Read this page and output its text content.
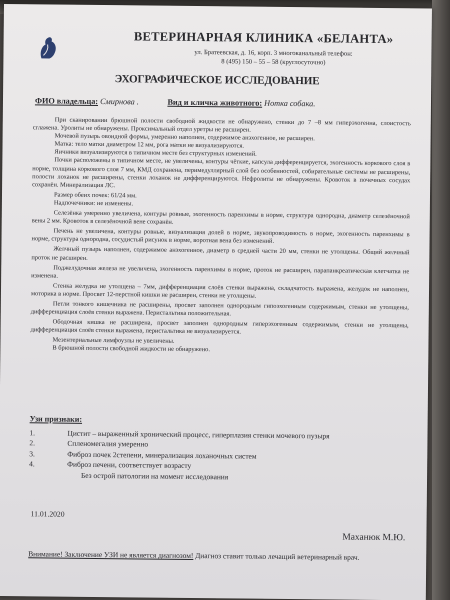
ВЕТЕРИНАРНАЯ КЛИНИКА «БЕЛАНТА»
ул. Братеевская, д. 16, корп. 3 многоканальный телефон:
8 (495) 150 – 55 – 58 (круглосуточно)
ЭХОГРАФИЧЕСКОЕ ИССЛЕДОВАНИЕ
ФИО владельца: Смирнова .	Вид и кличка животного: Нотка собака.

При сканировании брюшной полости свободной жидкости не обнаружено, стенки до 7 –8 мм гиперэхогенна, слоистость сглажена. Уролиты не обнаружены. Проксимальный отдел уретры не расширен.

Мочевой пузырь овоидной формы, умеренно наполнен, содержимое анэхогенное, не расширен.

Матка: тело матки диаметром 12 мм, рога матки не визуализируются.

Яичники визуализируются в типичном месте без структурных изменений.

Почки расположены в типичном месте, не увеличены, контуры чёткие, капсула дифференцируется, эхогенность коркового слоя в норме, толщина коркового слоя 7 мм, КМД сохранена, перимедуллярный слой без особенностей, собирательные системы не расширены, полости лоханок не расширены, стенки лоханок не дифференцируются. Нефролиты не обнаружены. Кровоток в почечных сосудах сохранён. Минерализация ЛС.

Размер обеих почек: 61/24 мм.

Надпочечники: не изменены.

Селезёнка умеренно увеличена, контуры ровные, эхогенность паренхимы в норме, структура однородна, диаметр селезёночной вены 2 мм. Кровоток в селезёночной вене сохранён.

Печень не увеличена, контуры ровные, визуализация долей в норме, звукопроводимость в норме, эхогенность паренхимы в норме, структура однородна, сосудистый рисунок в норме, воротная вена без изменений.

Желчный пузырь наполнен, содержимое анэхогенное, диаметр в средней части 20 мм, стенки не утолщены. Общий желчный проток не расширен.

Поджелудочная железа не увеличена, эхогенность паренхимы в норме, проток не расширен, парапанкреатическая клетчатка не изменена.

Стенка желудка не утолщена – 7мм, дифференциация слоёв стенки выражена, складчатость выражена, желудок не наполнен, моторика в норме. Просвет 12-перстной кишки не расширен, стенки не утолщены.

Петли тонкого кишечника не расширены, просвет заполнен однородным гипоэхогенным содержимым, стенки не утолщены, дифференциация слоёв стенки выражена. Перистальтика положительная.

Ободочная кишка не расширена, просвет заполнен однородным гиперэхогенным содержимым, стенки не утолщены, дифференциация слоёв стенки выражена, перистальтика не визуализируется.

Мезентериальные лимфоузлы не увеличены.

В брюшной полости свободной жидкости не обнаружено.

Узи признаки:
1.	Цистит – выраженный хронический процесс, гиперплазия стенки мочевого пузыря
2.	Спленомегалия умеренно
3.	Фиброз почек 2степени, минерализация лоханочных систем
4.	Фиброз печени, соответствует возрасту
Без острой патологии на момент исследования
11.01.2020
Маханюк М.Ю.
Внимание! Заключение УЗИ не является диагнозом! Диагноз ставит только лечащий ветеринарный врач.
